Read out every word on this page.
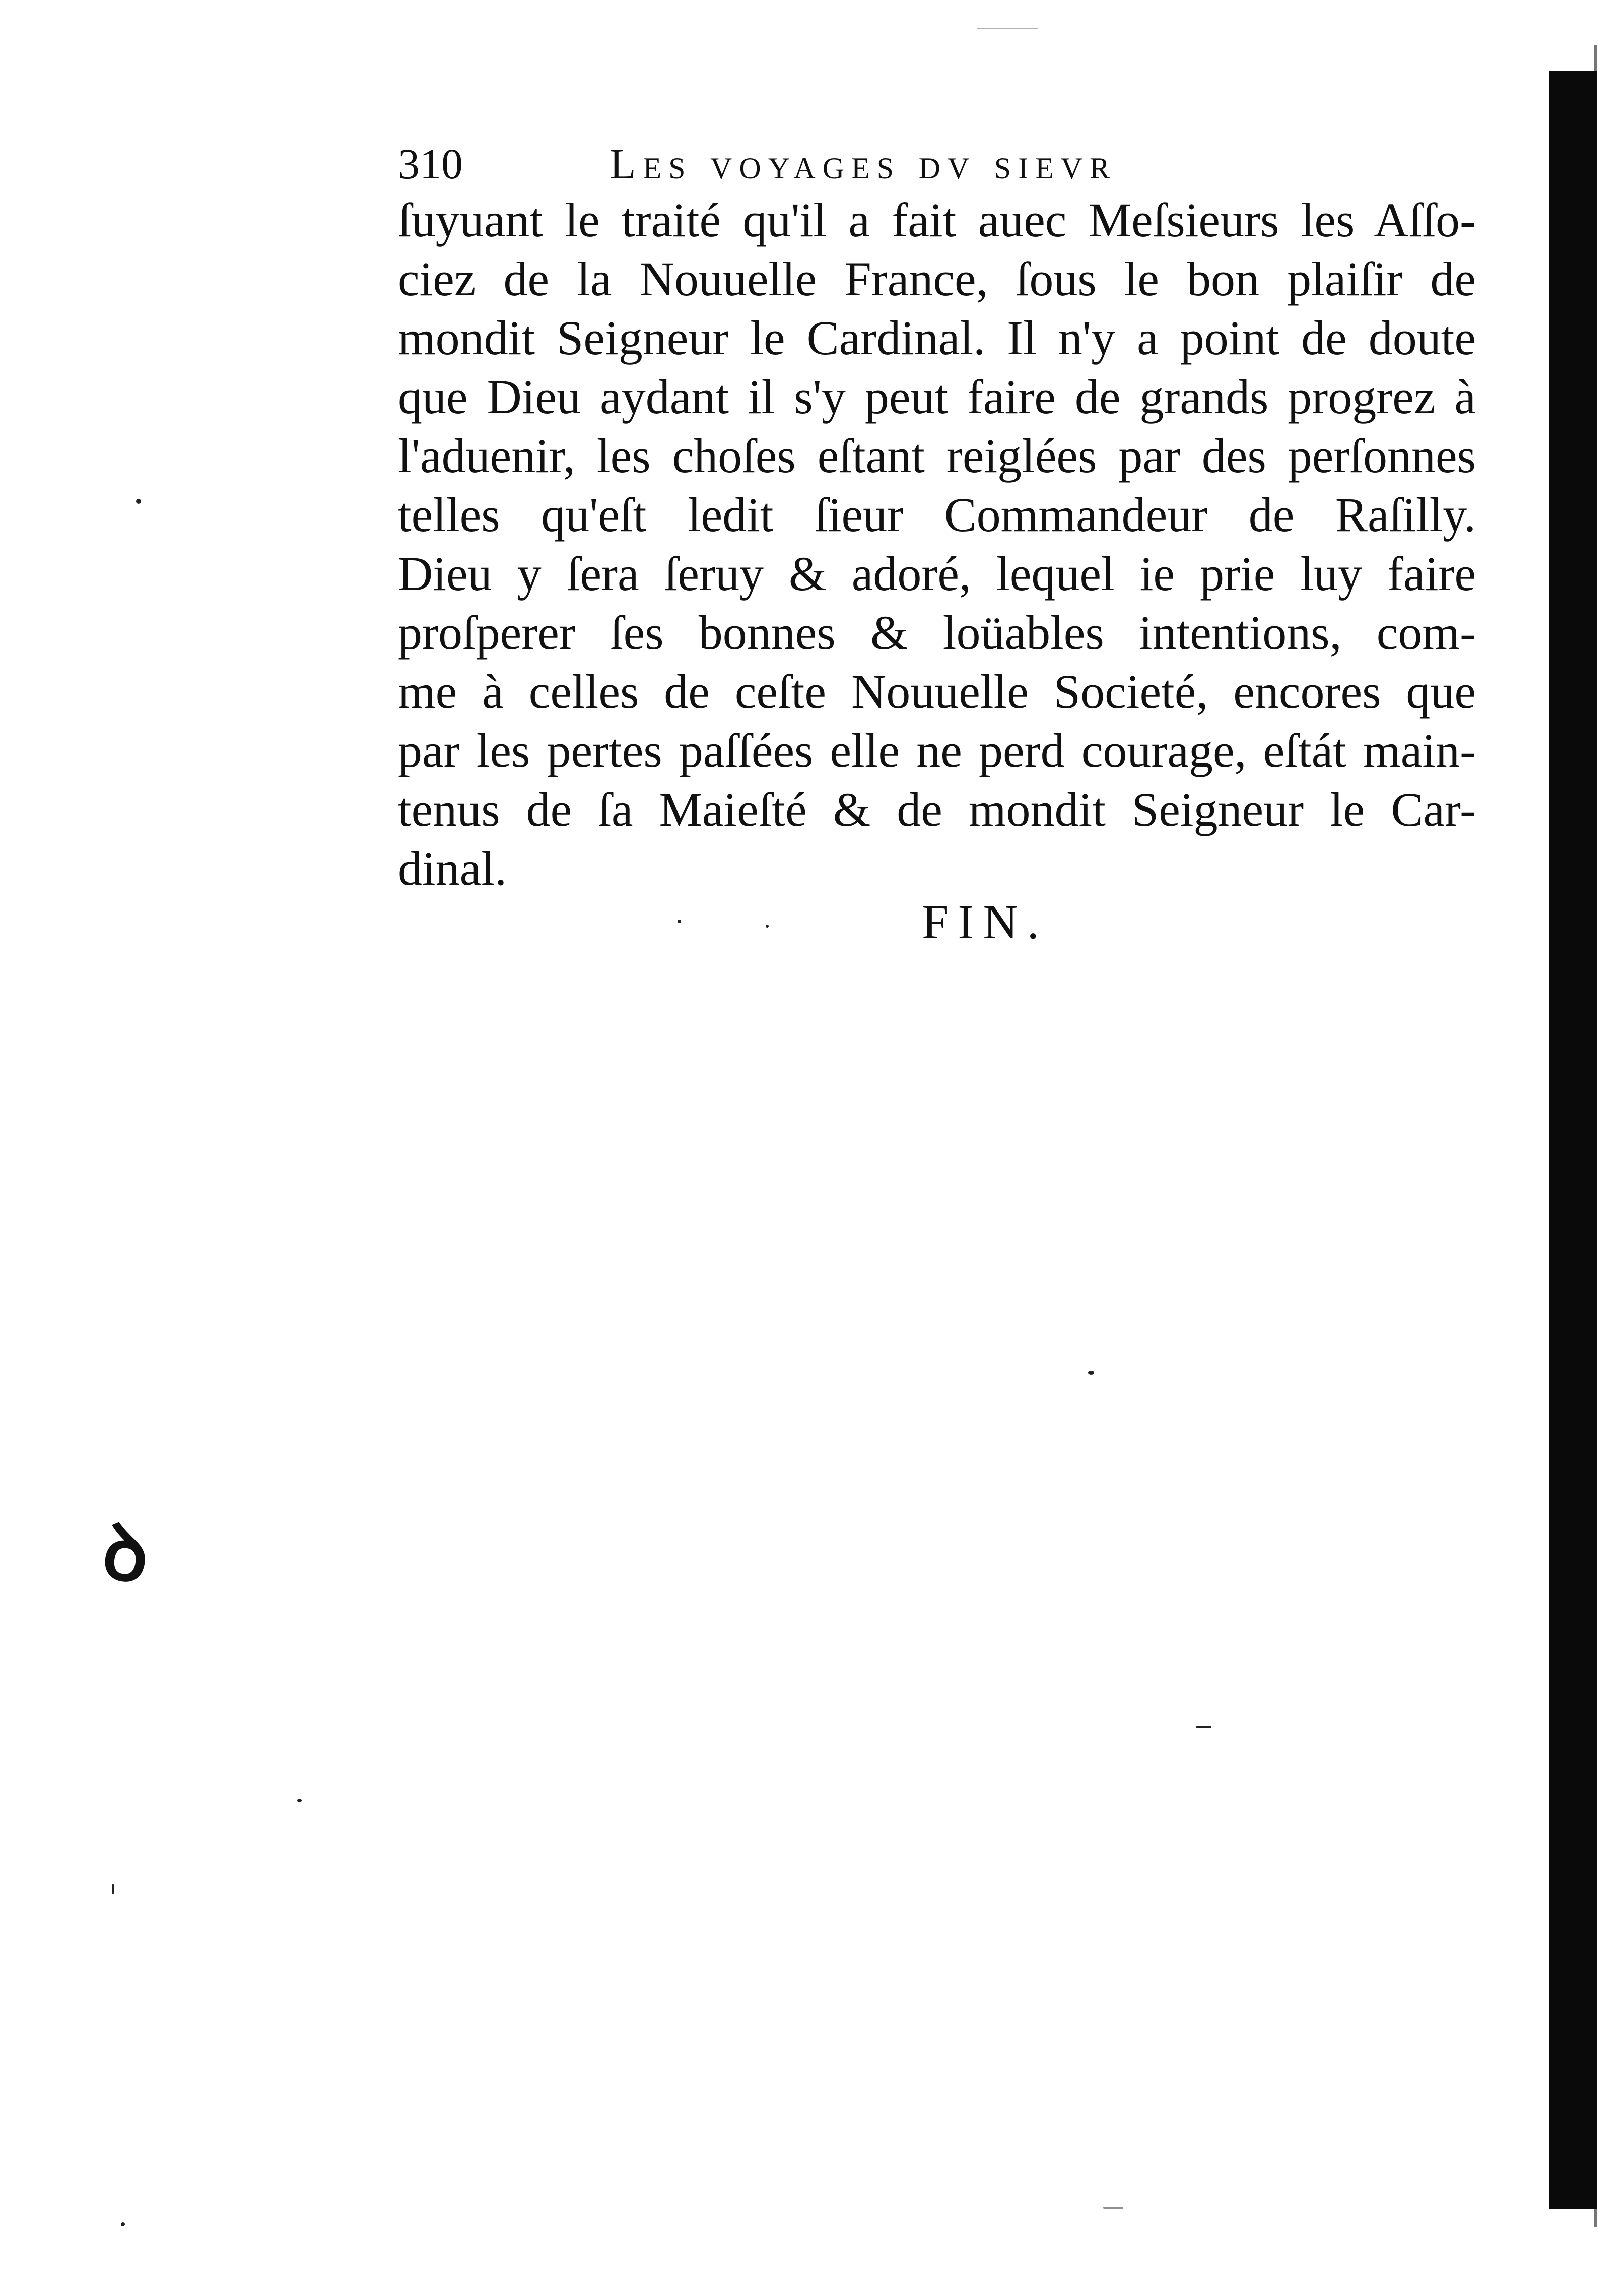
310	Les voyages dv sievr
ſuyuant le traité qu'il a fait auec Meſsieurs les Aſſo-
ciez de la Nouuelle France, ſous le bon plaiſir de
mondit Seigneur le Cardinal. Il n'y a point de doute
que Dieu aydant il s'y peut faire de grands progrez à
l'aduenir, les choſes eſtant reiglées par des perſonnes
telles qu'eſt ledit ſieur Commandeur de Raſilly.
Dieu y ſera ſeruy & adoré, lequel ie prie luy faire
proſperer ſes bonnes & loüables intentions, com-
me à celles de ceſte Nouuelle Societé, encores que
par les pertes paſſées elle ne perd courage, eſtát main-
tenus de ſa Maieſté & de mondit Seigneur le Car-
dinal.
FIN.
ꝺ
